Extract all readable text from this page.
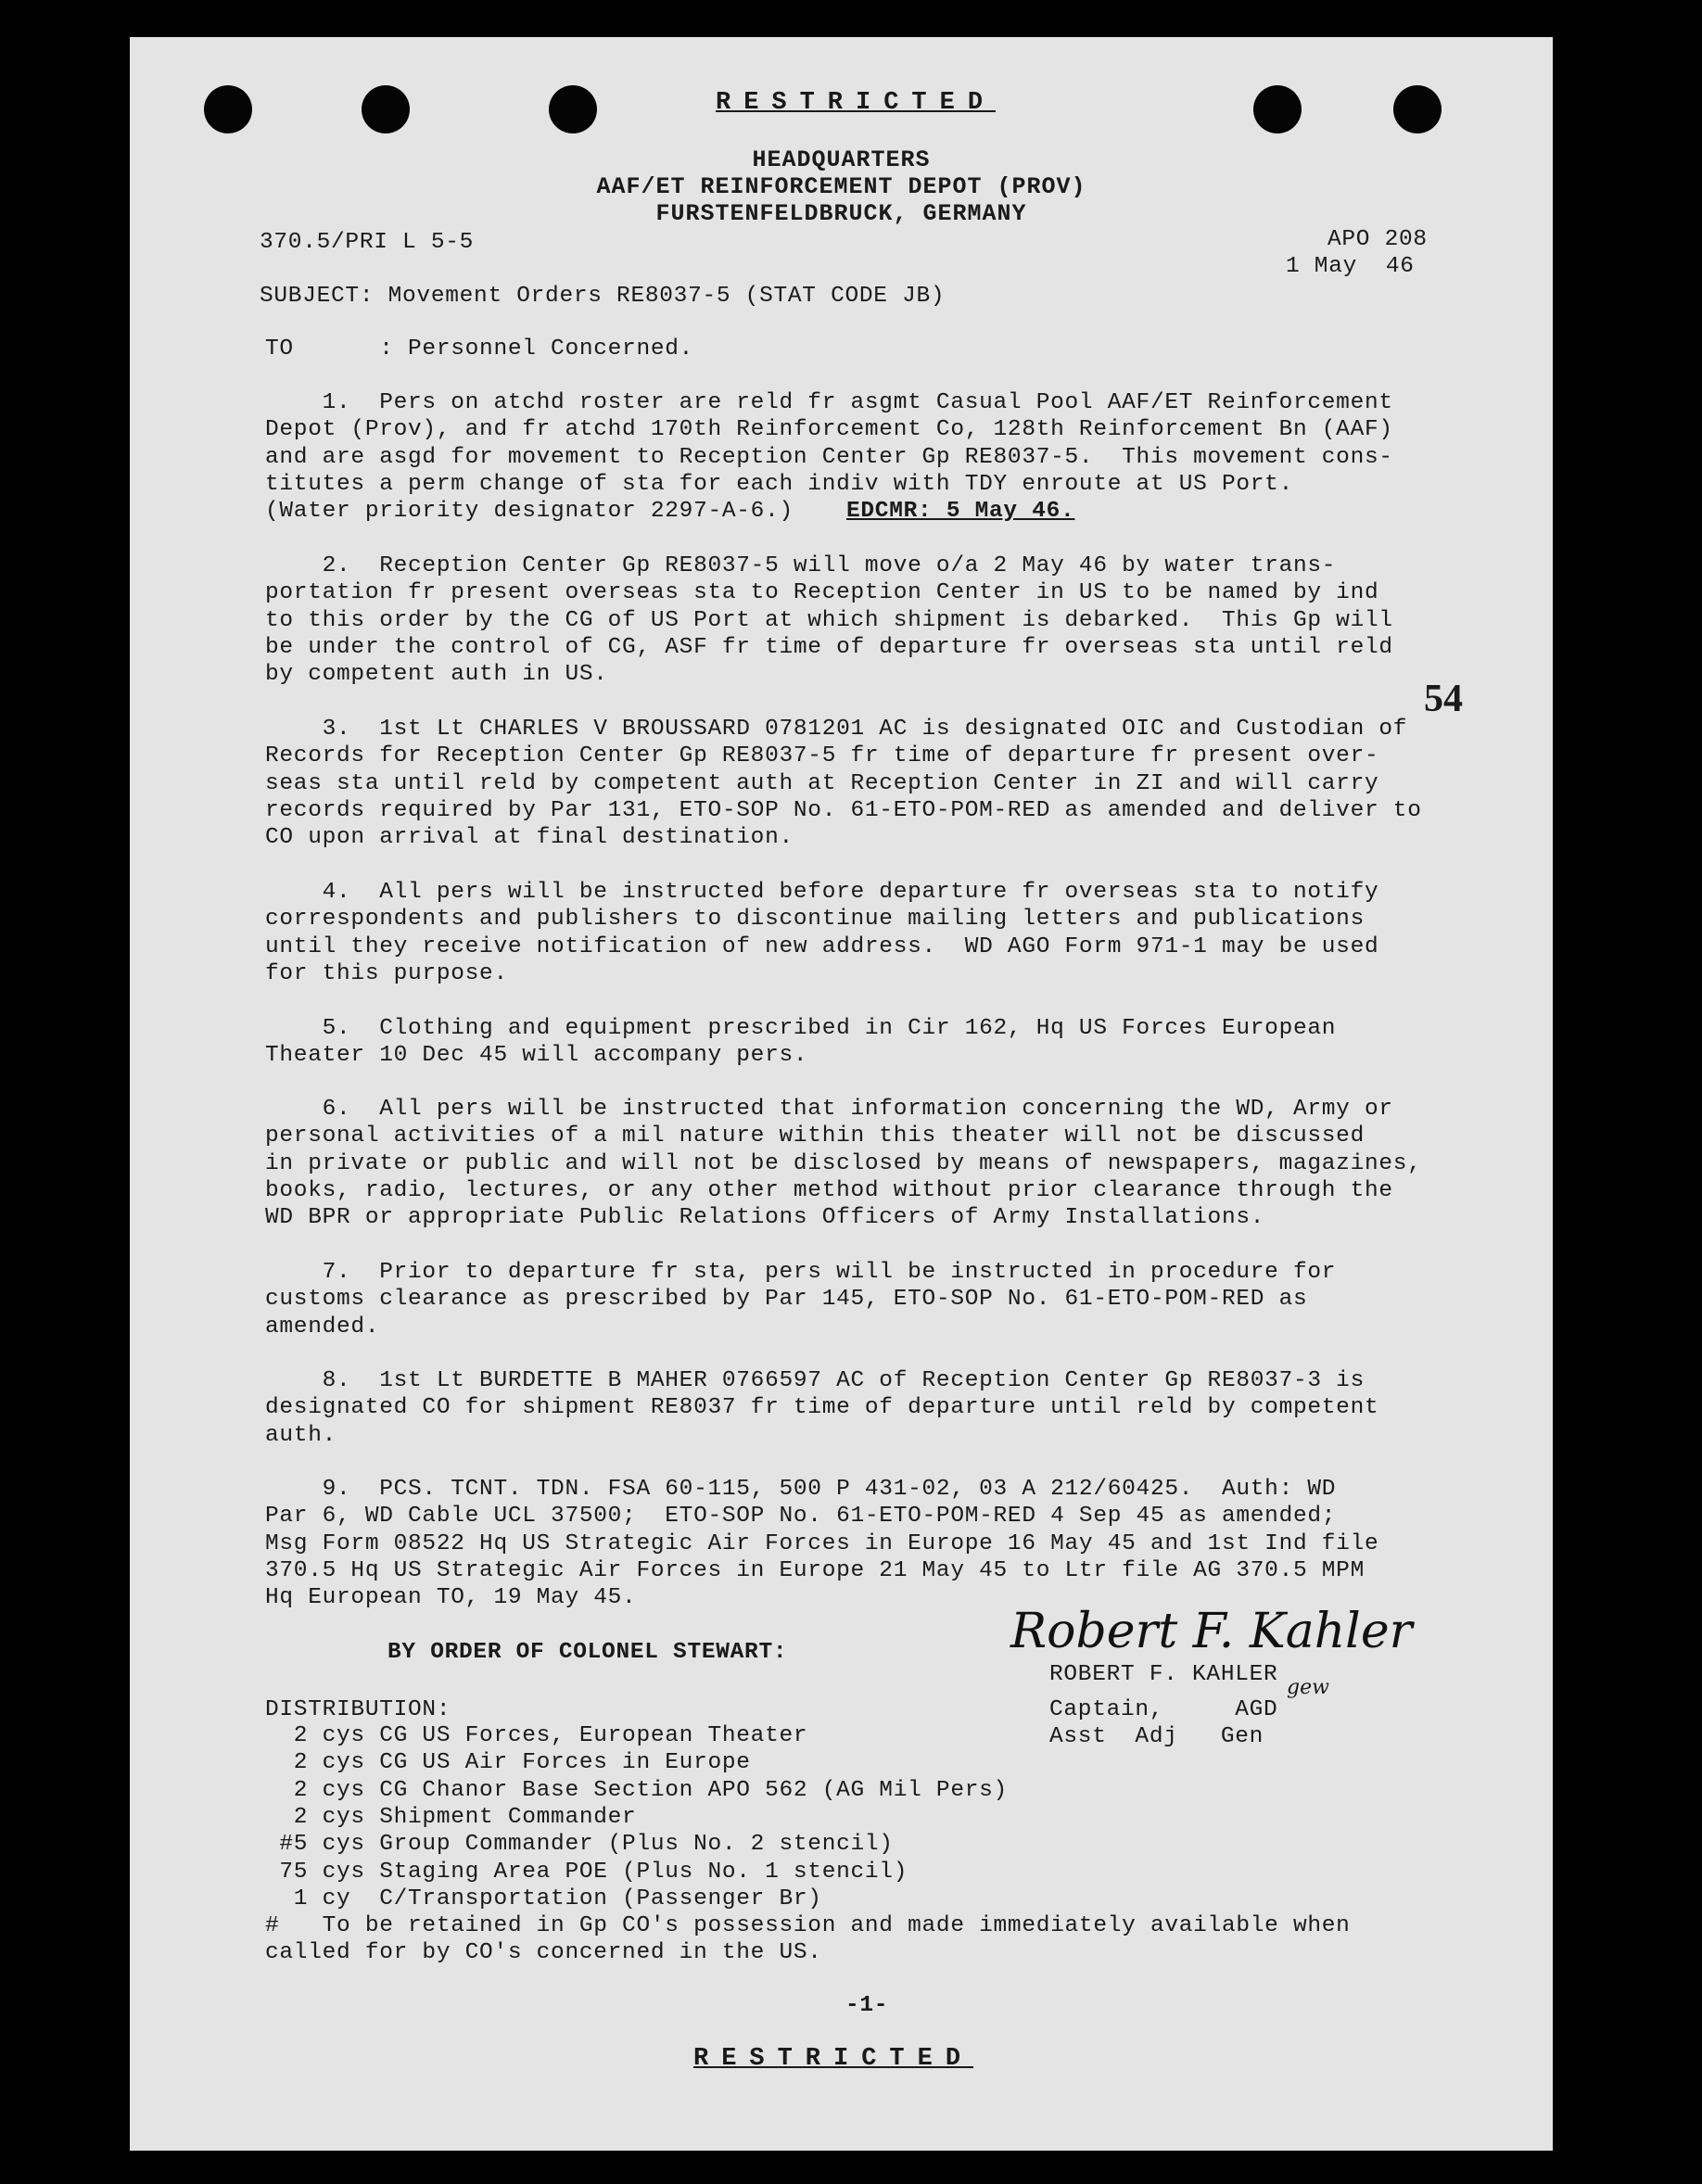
RESTRICTED
HEADQUARTERS
AAF/ET REINFORCEMENT DEPOT (PROV)
FURSTENFELDBRUCK, GERMANY
370.5/PRI L 5-5	APO 208
1 May  46
SUBJECT: Movement Orders RE8037-5 (STAT CODE JB)
TO      : Personnel Concerned.
1.  Pers on atchd roster are reld fr asgmt Casual Pool AAF/ET Reinforcement
Depot (Prov), and fr atchd 170th Reinforcement Co, 128th Reinforcement Bn (AAF)
and are asgd for movement to Reception Center Gp RE8037-5.  This movement cons-
titutes a perm change of sta for each indiv with TDY enroute at US Port.
(Water priority designator 2297-A-6.)	EDCMR: 5 May 46.
2.  Reception Center Gp RE8037-5 will move o/a 2 May 46 by water trans-
portation fr present overseas sta to Reception Center in US to be named by ind
to this order by the CG of US Port at which shipment is debarked.  This Gp will
be under the control of CG, ASF fr time of departure fr overseas sta until reld
by competent auth in US.
54
3.  1st Lt CHARLES V BROUSSARD 0781201 AC is designated OIC and Custodian of
Records for Reception Center Gp RE8037-5 fr time of departure fr present over-
seas sta until reld by competent auth at Reception Center in ZI and will carry
records required by Par 131, ETO-SOP No. 61-ETO-POM-RED as amended and deliver to
CO upon arrival at final destination.
4.  All pers will be instructed before departure fr overseas sta to notify
correspondents and publishers to discontinue mailing letters and publications
until they receive notification of new address.  WD AGO Form 971-1 may be used
for this purpose.
5.  Clothing and equipment prescribed in Cir 162, Hq US Forces European
Theater 10 Dec 45 will accompany pers.
6.  All pers will be instructed that information concerning the WD, Army or
personal activities of a mil nature within this theater will not be discussed
in private or public and will not be disclosed by means of newspapers, magazines,
books, radio, lectures, or any other method without prior clearance through the
WD BPR or appropriate Public Relations Officers of Army Installations.
7.  Prior to departure fr sta, pers will be instructed in procedure for
customs clearance as prescribed by Par 145, ETO-SOP No. 61-ETO-POM-RED as
amended.
8.  1st Lt BURDETTE B MAHER 0766597 AC of Reception Center Gp RE8037-3 is
designated CO for shipment RE8037 fr time of departure until reld by competent
auth.
9.  PCS. TCNT. TDN. FSA 60-115, 500 P 431-02, 03 A 212/60425.  Auth: WD
Par 6, WD Cable UCL 37500;  ETO-SOP No. 61-ETO-POM-RED 4 Sep 45 as amended;
Msg Form 08522 Hq US Strategic Air Forces in Europe 16 May 45 and 1st Ind file
370.5 Hq US Strategic Air Forces in Europe 21 May 45 to Ltr file AG 370.5 MPM
Hq European TO, 19 May 45.
BY ORDER OF COLONEL STEWART:	Robert F. Kahler
ROBERT F. KAHLER
gew
Captain,     AGD
Asst  Adj   Gen
DISTRIBUTION:
2 cys CG US Forces, European Theater
2 cys CG US Air Forces in Europe
2 cys CG Chanor Base Section APO 562 (AG Mil Pers)
2 cys Shipment Commander
#5 cys Group Commander (Plus No. 2 stencil)
75 cys Staging Area POE (Plus No. 1 stencil)
1 cy  C/Transportation (Passenger Br)
#   To be retained in Gp CO's possession and made immediately available when
called for by CO's concerned in the US.
-1-
RESTRICTED
